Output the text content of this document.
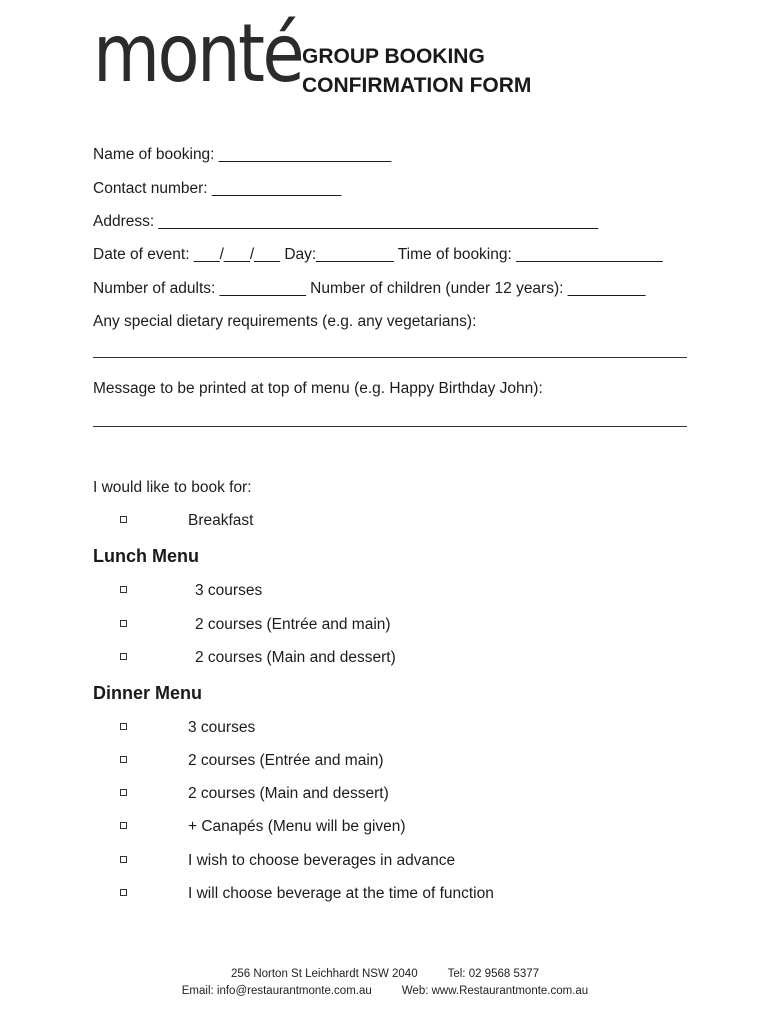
monté GROUP BOOKING
CONFIRMATION FORM
Name of booking: ____________________
Contact number: _______________
Address: ___________________________________________________
Date of event: ___/___/___ Day:_________ Time of booking: _________________
Number of adults: __________ Number of children (under 12 years): _________
Any special dietary requirements (e.g. any vegetarians):
Message to be printed at top of menu (e.g. Happy Birthday John):
I would like to book for:
Breakfast
Lunch Menu
3 courses
2 courses (Entrée and main)
2 courses (Main and dessert)
Dinner Menu
3 courses
2 courses (Entrée and main)
2 courses (Main and dessert)
+ Canapés (Menu will be given)
I wish to choose beverages in advance
I will choose beverage at the time of function
256 Norton St Leichhardt NSW 2040	Tel: 02 9568 5377
Email: info@restaurantmonte.com.au	Web: www.Restaurantmonte.com.au
